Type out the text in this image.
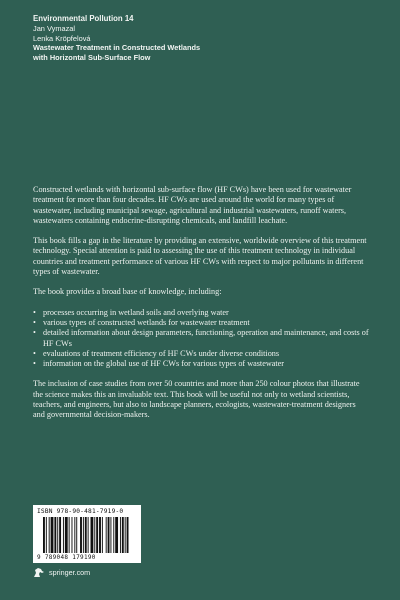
Environmental Pollution 14
Jan Vymazal
Lenka Kröpfelová
Wastewater Treatment in Constructed Wetlands
with Horizontal Sub-Surface Flow

Constructed wetlands with horizontal sub-surface flow (HF CWs) have been used for wastewater treatment for more than four decades. HF CWs are used around the world for many types of wastewater, including municipal sewage, agricultural and industrial wastewaters, runoff waters, wastewaters containing endocrine-disrupting chemicals, and landfill leachate.

This book fills a gap in the literature by providing an extensive, worldwide overview of this treatment technology. Special attention is paid to assessing the use of this treatment technology in individual countries and treatment performance of various HF CWs with respect to major pollutants in different types of wastewater.

The book provides a broad base of knowledge, including:

• processes occurring in wetland soils and overlying water
• various types of constructed wetlands for wastewater treatment
• detailed information about design parameters, functioning, operation and maintenance, and costs of HF CWs
• evaluations of treatment efficiency of HF CWs under diverse conditions
• information on the global use of HF CWs for various types of wastewater

The inclusion of case studies from over 50 countries and more than 250 colour photos that illustrate the science makes this an invaluable text. This book will be useful not only to wetland scientists, teachers, and engineers, but also to landscape planners, ecologists, wastewater-treatment designers and governmental decision-makers.

ISBN 978-90-481-7919-0
9 789048 179190
springer.com
